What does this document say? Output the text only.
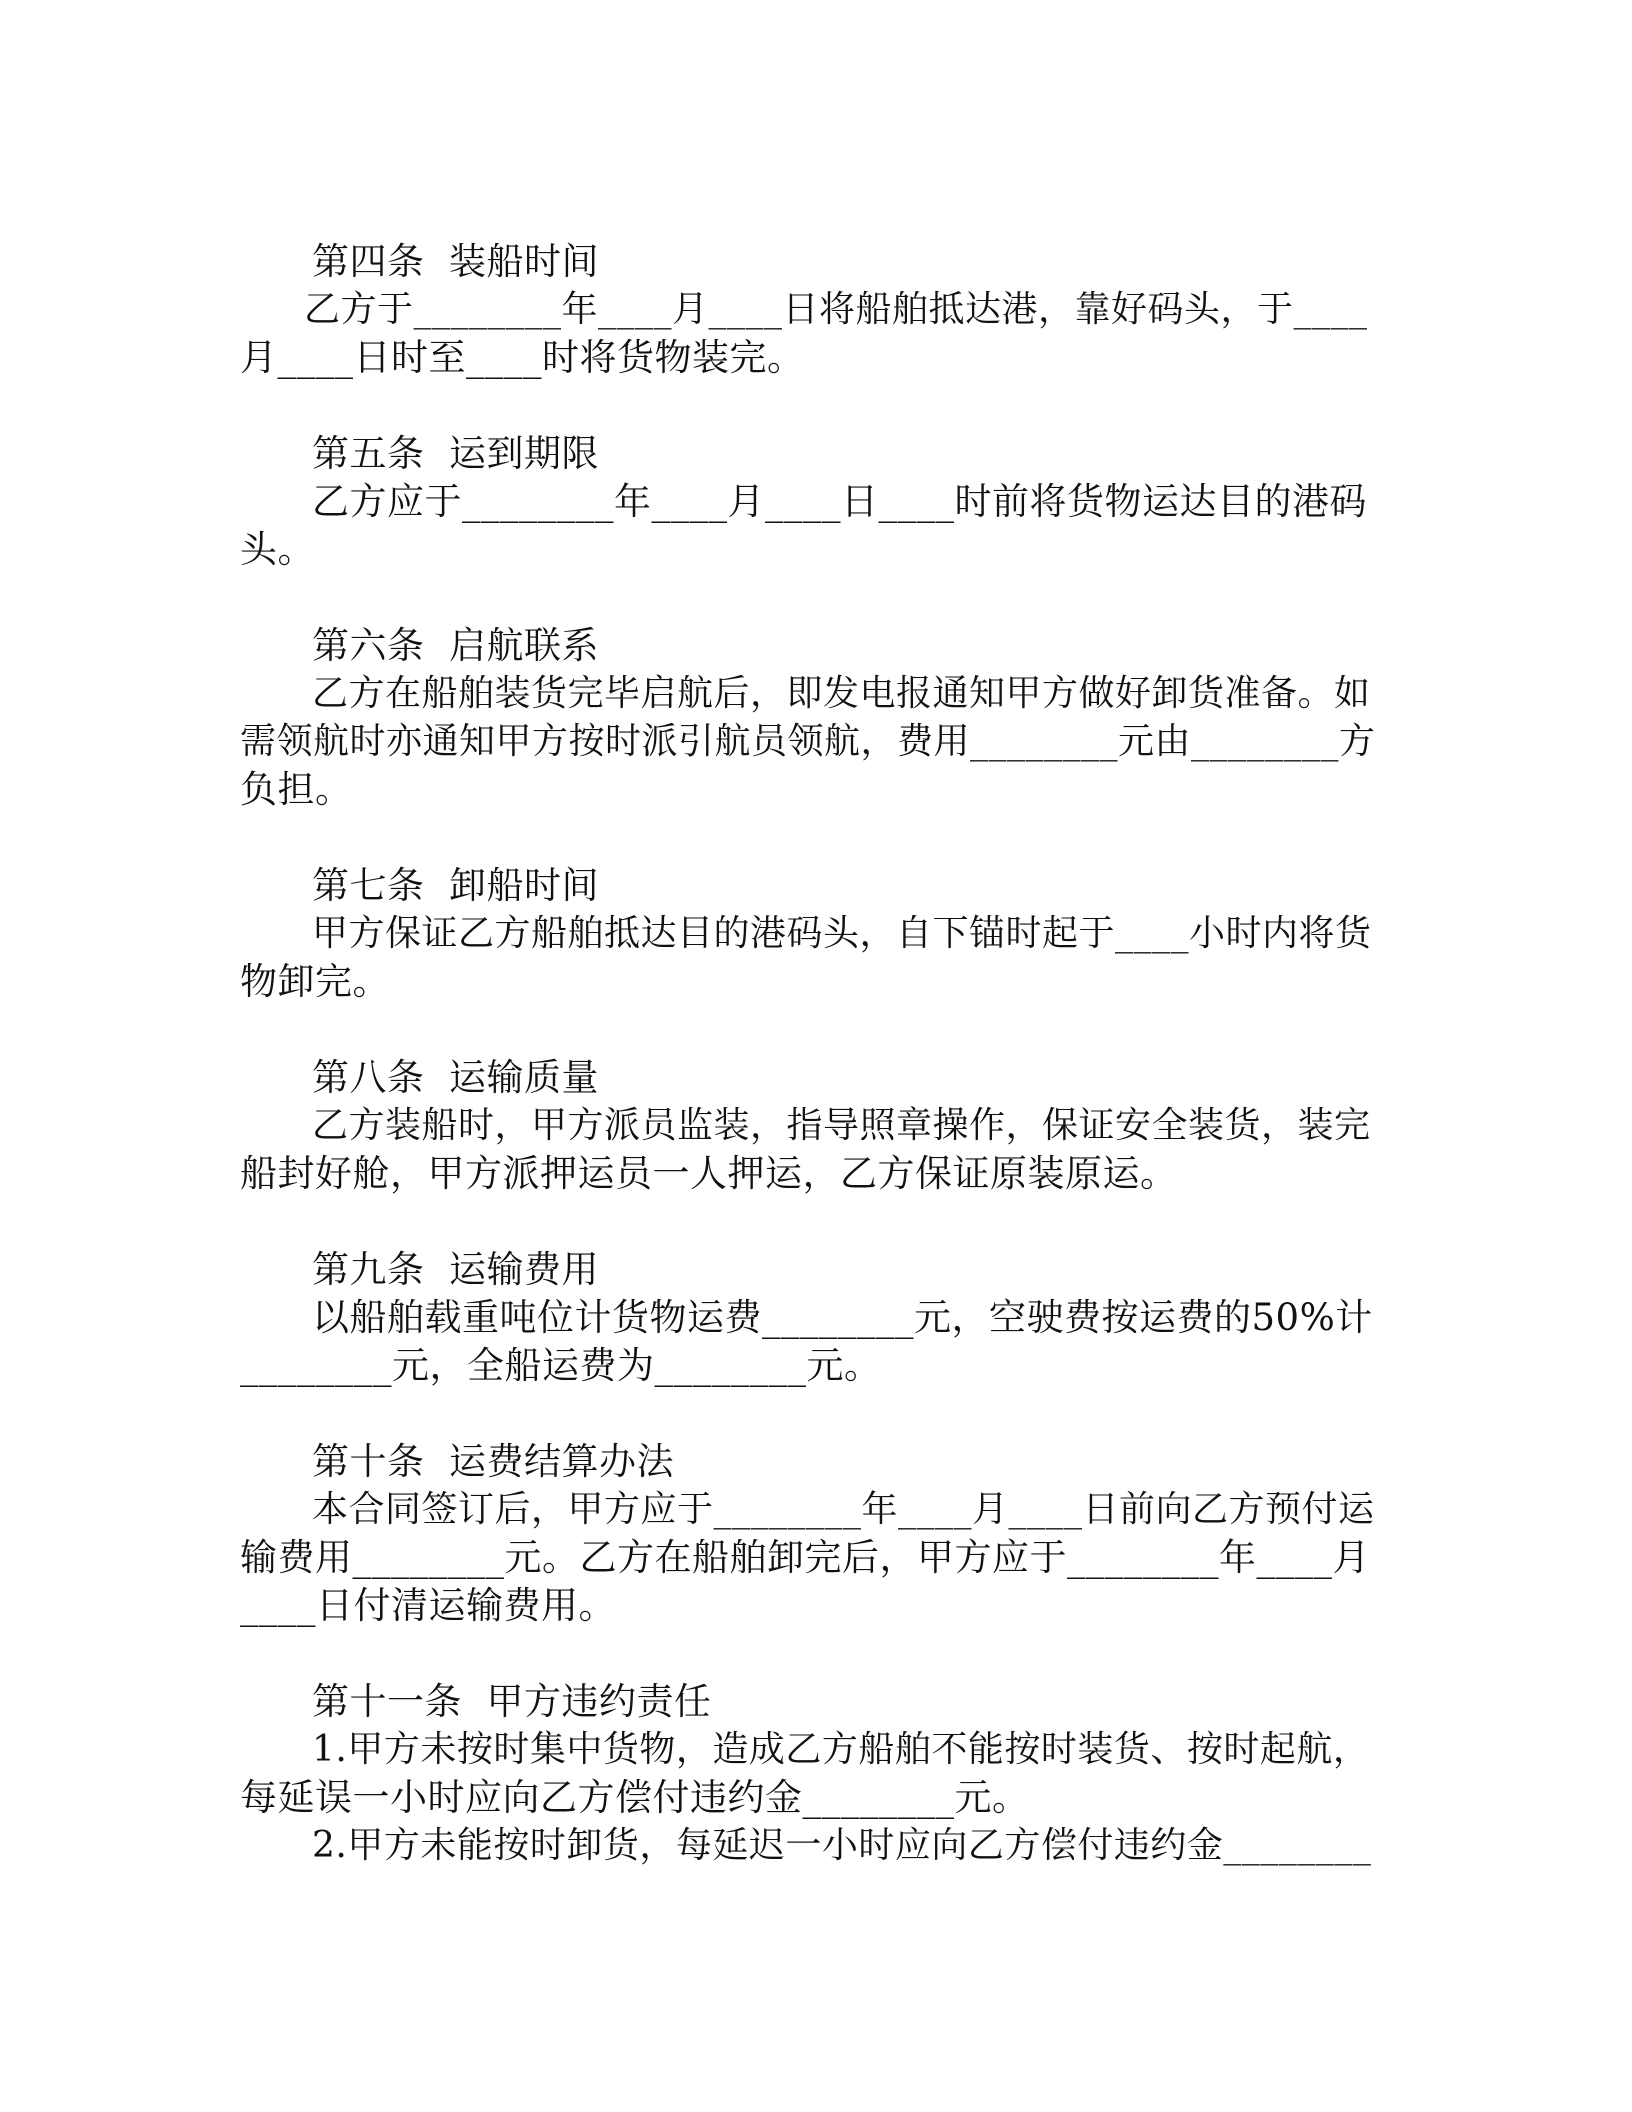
第四条  装船时间
乙方于________年____月____日将船舶抵达港，靠好码头，于____
月____日时至____时将货物装完。
第五条  运到期限
乙方应于________年____月____日____时前将货物运达目的港码
头。
第六条  启航联系
乙方在船舶装货完毕启航后，即发电报通知甲方做好卸货准备。如
需领航时亦通知甲方按时派引航员领航，费用________元由________方
负担。
第七条  卸船时间
甲方保证乙方船舶抵达目的港码头，自下锚时起于____小时内将货
物卸完。
第八条  运输质量
乙方装船时，甲方派员监装，指导照章操作，保证安全装货，装完
船封好舱，甲方派押运员一人押运，乙方保证原装原运。
第九条  运输费用
以船舶载重吨位计货物运费________元，空驶费按运费的50%计
________元，全船运费为________元。
第十条  运费结算办法
本合同签订后，甲方应于________年____月____日前向乙方预付运
输费用________元。乙方在船舶卸完后，甲方应于________年____月
____日付清运输费用。
第十一条  甲方违约责任
1.甲方未按时集中货物，造成乙方船舶不能按时装货、按时起航，
每延误一小时应向乙方偿付违约金________元。
2.甲方未能按时卸货，每延迟一小时应向乙方偿付违约金________
